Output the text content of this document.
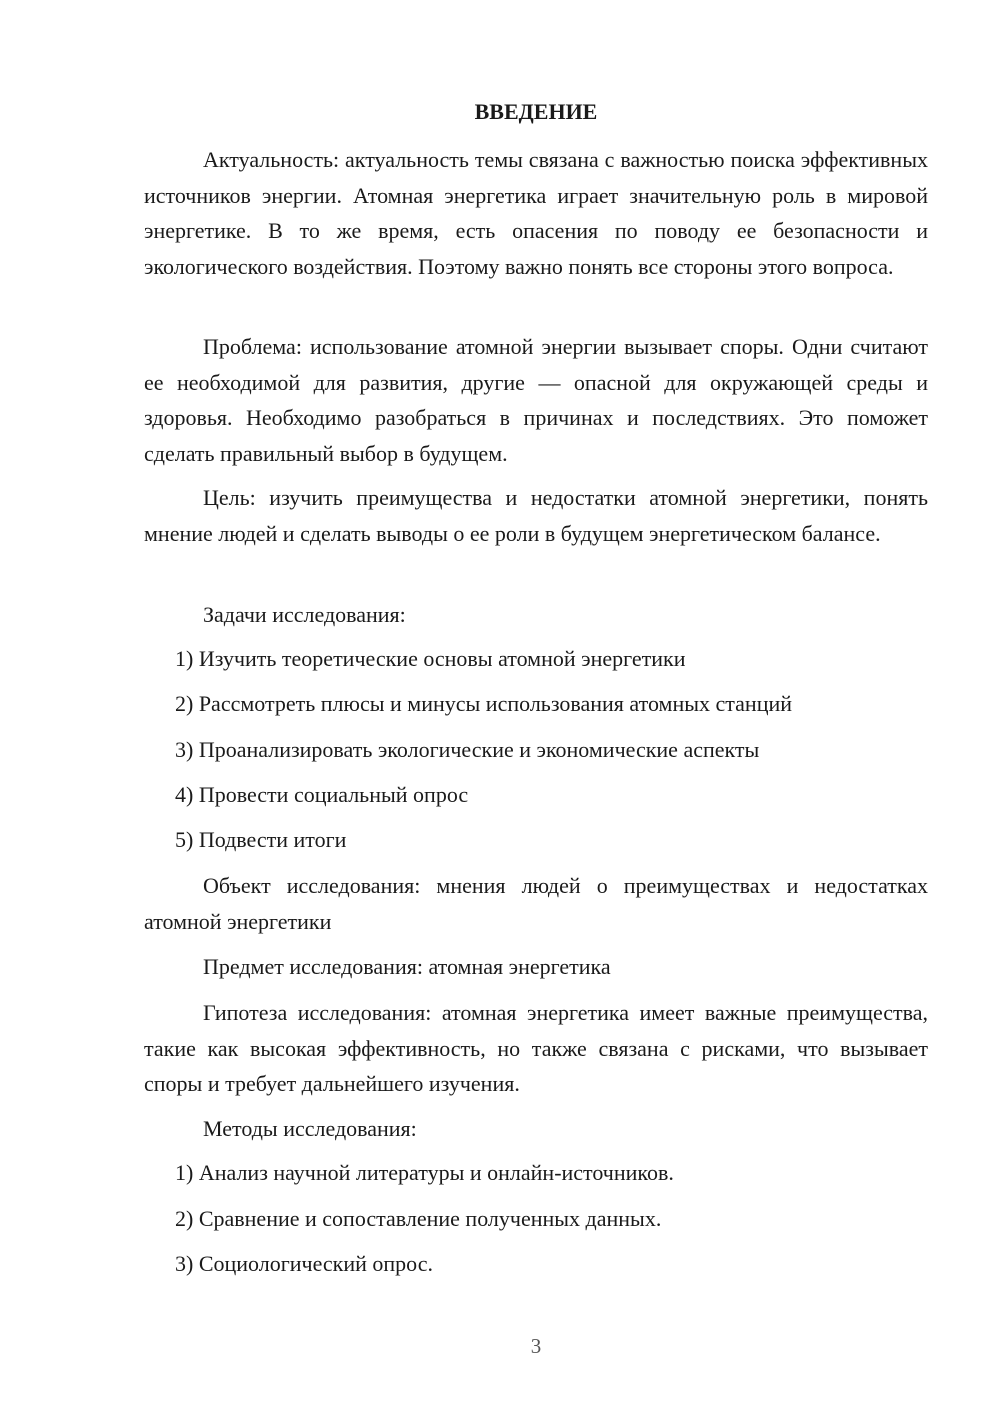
ВВЕДЕНИЕ

Актуальность: актуальность темы связана с важностью поиска эффективных источников энергии. Атомная энергетика играет значительную роль в мировой энергетике. В то же время, есть опасения по поводу ее безопасности и экологического воздействия. Поэтому важно понять все стороны этого вопроса.

Проблема: использование атомной энергии вызывает споры. Одни считают ее необходимой для развития, другие — опасной для окружающей среды и здоровья. Необходимо разобраться в причинах и последствиях. Это поможет сделать правильный выбор в будущем.

Цель: изучить преимущества и недостатки атомной энергетики, понять мнение людей и сделать выводы о ее роли в будущем энергетическом балансе.

Задачи исследования:

1) Изучить теоретические основы атомной энергетики

2) Рассмотреть плюсы и минусы использования атомных станций

3) Проанализировать экологические и экономические аспекты

4) Провести социальный опрос

5) Подвести итоги

Объект исследования: мнения людей о преимуществах и недостатках атомной энергетики

Предмет исследования: атомная энергетика

Гипотеза исследования: атомная энергетика имеет важные преимущества, такие как высокая эффективность, но также связана с рисками, что вызывает споры и требует дальнейшего изучения.

Методы исследования:

1) Анализ научной литературы и онлайн-источников.

2) Сравнение и сопоставление полученных данных.

3) Социологический опрос.

3
